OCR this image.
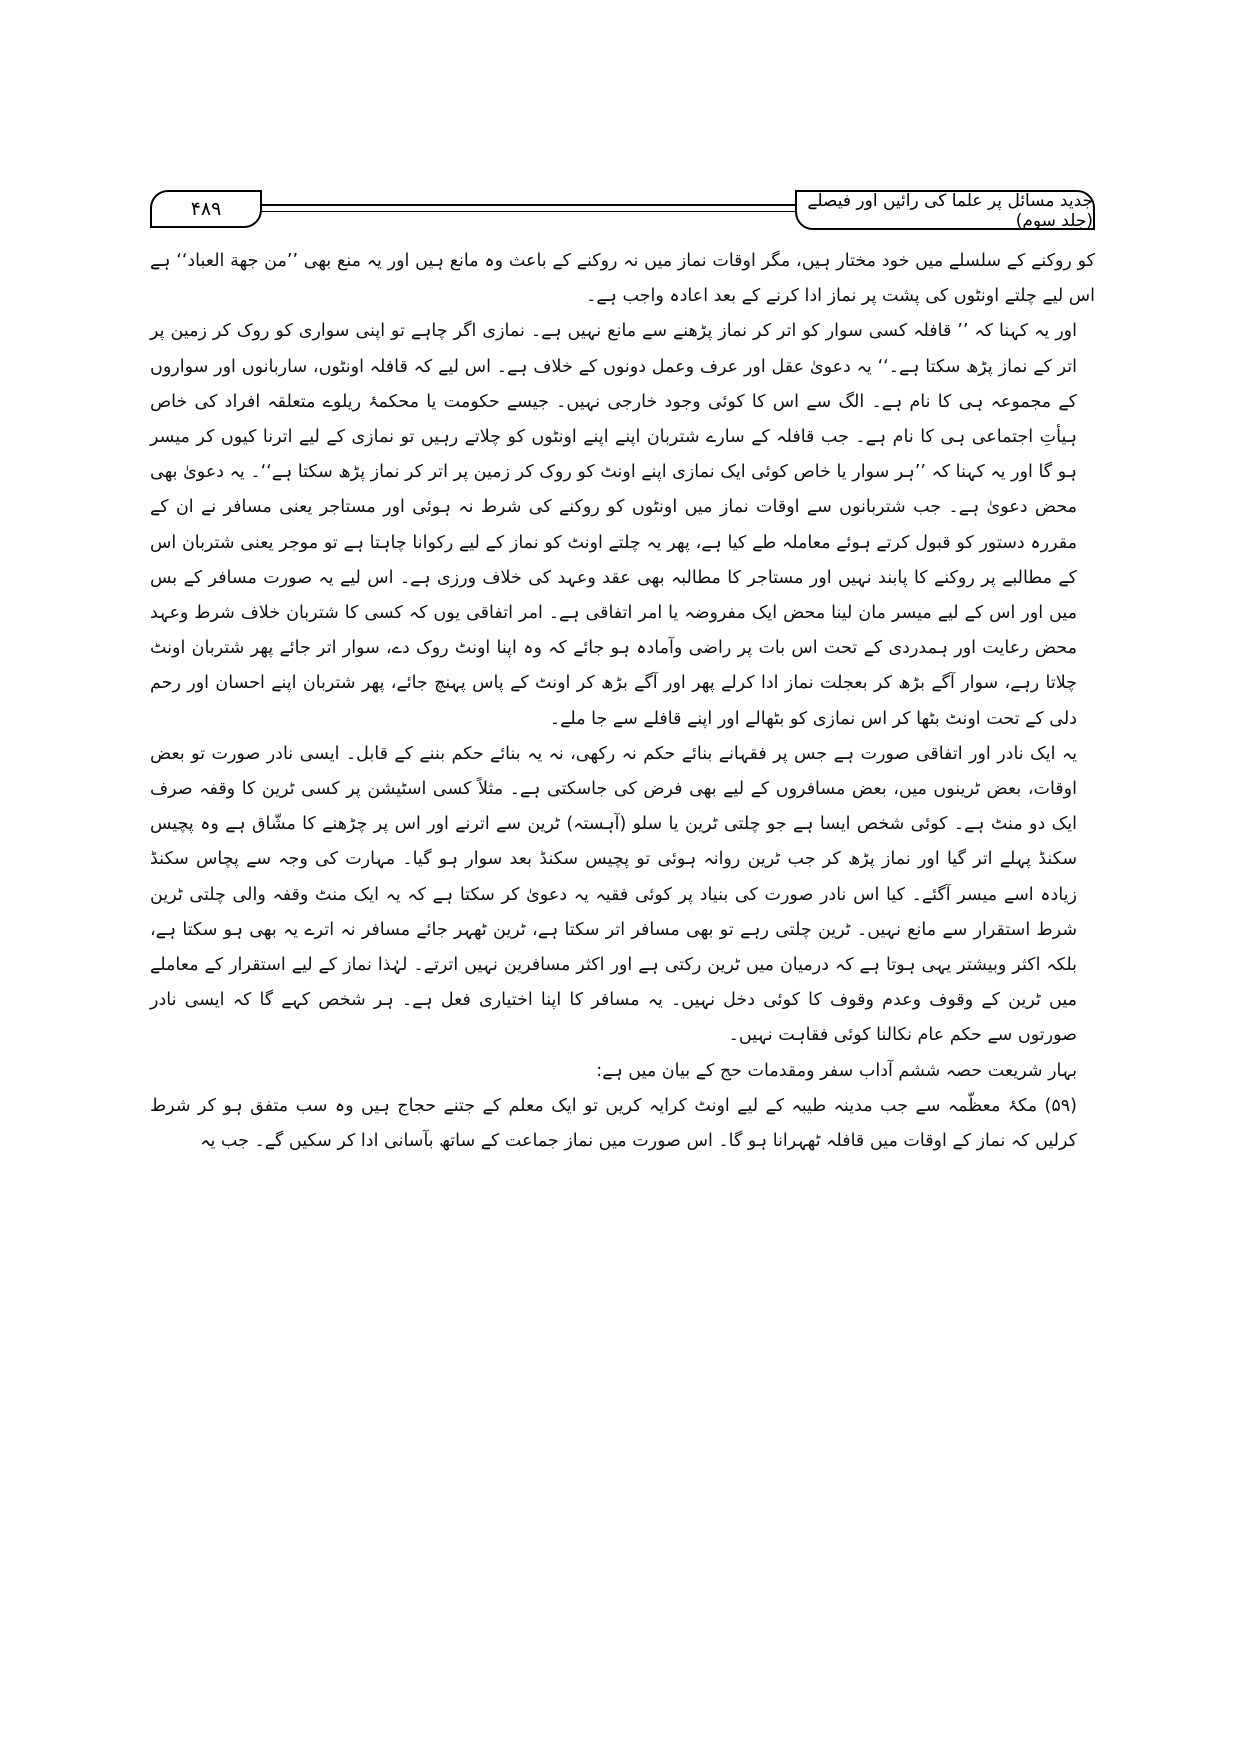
۴۸۹	جدید مسائل پر علما کی رائیں اور فیصلے (جلد سوم)

کو روکنے کے سلسلے میں خود مختار ہیں، مگر اوقات نماز میں نہ روکنے کے باعث وہ مانع ہیں اور یہ منع بھی ’’من جهة العباد‘‘ ہے اس لیے چلتے اونٹوں کی پشت پر نماز ادا کرنے کے بعد اعادہ واجب ہے۔

اور یہ کہنا کہ ’’ قافلہ کسی سوار کو اتر کر نماز پڑھنے سے مانع نہیں ہے۔ نمازی اگر چاہے تو اپنی سواری کو روک کر زمین پر اتر کے نماز پڑھ سکتا ہے۔‘‘ یہ دعویٰ عقل اور عرف وعمل دونوں کے خلاف ہے۔ اس لیے کہ قافلہ اونٹوں، ساربانوں اور سواروں کے مجموعہ ہی کا نام ہے۔ الگ سے اس کا کوئی وجود خارجی نہیں۔ جیسے حکومت یا محکمۂ ریلوے متعلقہ افراد کی خاص ہیأتِ اجتماعی ہی کا نام ہے۔ جب قافلہ کے سارے شتربان اپنے اپنے اونٹوں کو چلاتے رہیں تو نمازی کے لیے اترنا کیوں کر میسر ہو گا اور یہ کہنا کہ ’’ہر سوار یا خاص کوئی ایک نمازی اپنے اونٹ کو روک کر زمین پر اتر کر نماز پڑھ سکتا ہے‘‘۔ یہ دعویٰ بھی محض دعویٰ ہے۔ جب شتربانوں سے اوقات نماز میں اونٹوں کو روکنے کی شرط نہ ہوئی اور مستاجر یعنی مسافر نے ان کے مقررہ دستور کو قبول کرتے ہوئے معاملہ طے کیا ہے، پھر یہ چلتے اونٹ کو نماز کے لیے رکوانا چاہتا ہے تو موجر یعنی شتربان اس کے مطالبے پر روکنے کا پابند نہیں اور مستاجر کا مطالبہ بھی عقد وعہد کی خلاف ورزی ہے۔ اس لیے یہ صورت مسافر کے بس میں اور اس کے لیے میسر مان لینا محض ایک مفروضہ یا امر اتفاقی ہے۔ امر اتفاقی یوں کہ کسی کا شتربان خلاف شرط وعہد محض رعایت اور ہمدردی کے تحت اس بات پر راضی وآمادہ ہو جائے کہ وہ اپنا اونٹ روک دے، سوار اتر جائے پھر شتربان اونٹ چلاتا رہے، سوار آگے بڑھ کر بعجلت نماز ادا کرلے پھر اور آگے بڑھ کر اونٹ کے پاس پہنچ جائے، پھر شتربان اپنے احسان اور رحم دلی کے تحت اونٹ بٹھا کر اس نمازی کو بٹھالے اور اپنے قافلے سے جا ملے۔

یہ ایک نادر اور اتفاقی صورت ہے جس پر فقہانے بنائے حکم نہ رکھی، نہ یہ بنائے حکم بننے کے قابل۔ ایسی نادر صورت تو بعض اوقات، بعض ٹرینوں میں، بعض مسافروں کے لیے بھی فرض کی جاسکتی ہے۔ مثلاً کسی اسٹیشن پر کسی ٹرین کا وقفہ صرف ایک دو منٹ ہے۔ کوئی شخص ایسا ہے جو چلتی ٹرین یا سلو (آہستہ) ٹرین سے اترنے اور اس پر چڑھنے کا مشّاق ہے وہ پچیس سکنڈ پہلے اتر گیا اور نماز پڑھ کر جب ٹرین روانہ ہوئی تو پچیس سکنڈ بعد سوار ہو گیا۔ مہارت کی وجہ سے پچاس سکنڈ زیادہ اسے میسر آگئے۔ کیا اس نادر صورت کی بنیاد پر کوئی فقیہ یہ دعویٰ کر سکتا ہے کہ یہ ایک منٹ وقفہ والی چلتی ٹرین شرط استقرار سے مانع نہیں۔ ٹرین چلتی رہے تو بھی مسافر اتر سکتا ہے، ٹرین ٹھہر جائے مسافر نہ اترے یہ بھی ہو سکتا ہے، بلکہ اکثر وبیشتر یہی ہوتا ہے کہ درمیان میں ٹرین رکتی ہے اور اکثر مسافرین نہیں اترتے۔ لہٰذا نماز کے لیے استقرار کے معاملے میں ٹرین کے وقوف وعدم وقوف کا کوئی دخل نہیں۔ یہ مسافر کا اپنا اختیاری فعل ہے۔ ہر شخص کہے گا کہ ایسی نادر صورتوں سے حکم عام نکالنا کوئی فقاہت نہیں۔

بہار شریعت حصہ ششم آداب سفر ومقدمات حج کے بیان میں ہے:

(۵۹) مکۂ معظّمہ سے جب مدینہ طیبہ کے لیے اونٹ کرایہ کریں تو ایک معلم کے جتنے حجاج ہیں وہ سب متفق ہو کر شرط کرلیں کہ نماز کے اوقات میں قافلہ ٹھہرانا ہو گا۔ اس صورت میں نماز جماعت کے ساتھ بآسانی ادا کر سکیں گے۔ جب یہ
